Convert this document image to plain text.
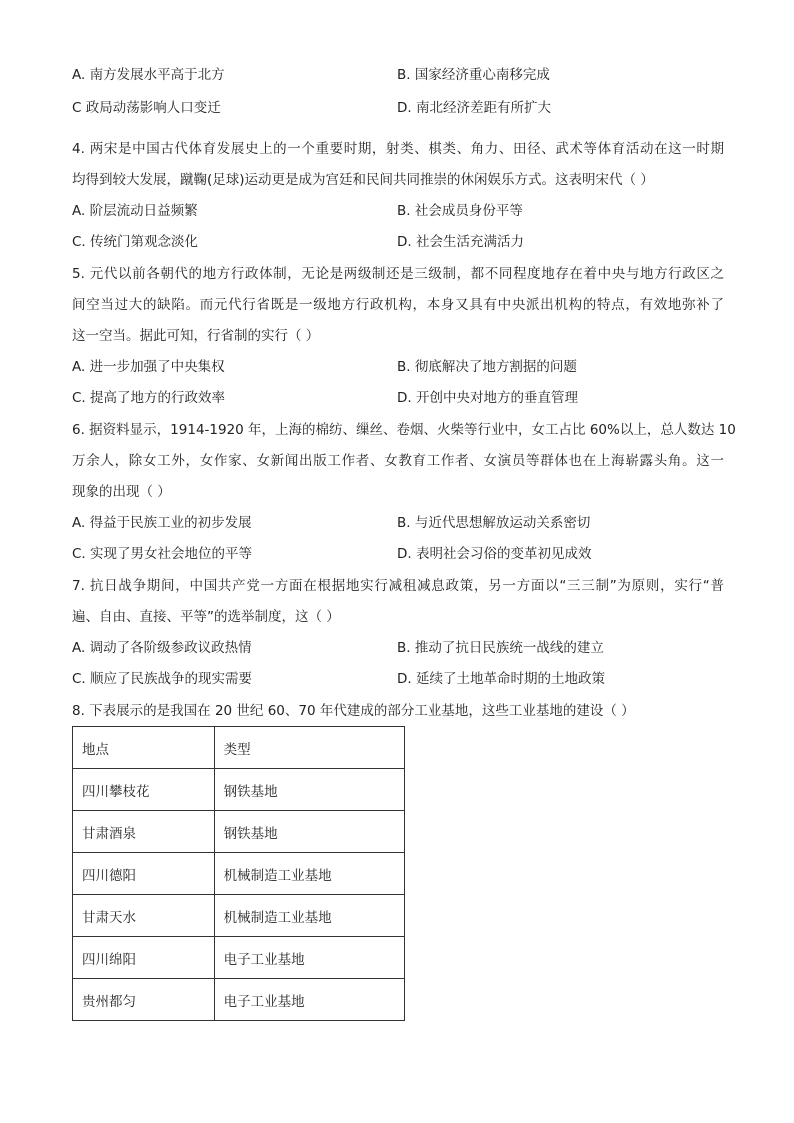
A. 南方发展水平高于北方	B. 国家经济重心南移完成
C 政局动荡影响人口变迁	D. 南北经济差距有所扩大
4. 两宋是中国古代体育发展史上的一个重要时期，射类、棋类、角力、田径、武术等体育活动在这一时期
均得到较大发展，蹴鞠(足球)运动更是成为宫廷和民间共同推崇的休闲娱乐方式。这表明宋代（ ）
A. 阶层流动日益频繁	B. 社会成员身份平等
C. 传统门第观念淡化	D. 社会生活充满活力
5. 元代以前各朝代的地方行政体制，无论是两级制还是三级制，都不同程度地存在着中央与地方行政区之
间空当过大的缺陷。而元代行省既是一级地方行政机构，本身又具有中央派出机构的特点，有效地弥补了
这一空当。据此可知，行省制的实行（ ）
A. 进一步加强了中央集权	B. 彻底解决了地方割据的问题
C. 提高了地方的行政效率	D. 开创中央对地方的垂直管理
6. 据资料显示，1914-1920 年，上海的棉纺、缫丝、卷烟、火柴等行业中，女工占比 60%以上，总人数达 10
万余人，除女工外，女作家、女新闻出版工作者、女教育工作者、女演员等群体也在上海崭露头角。这一
现象的出现（ ）
A. 得益于民族工业的初步发展	B. 与近代思想解放运动关系密切
C. 实现了男女社会地位的平等	D. 表明社会习俗的变革初见成效
7. 抗日战争期间，中国共产党一方面在根据地实行减租减息政策，另一方面以“三三制”为原则，实行“普
遍、自由、直接、平等”的选举制度，这（ ）
A. 调动了各阶级参政议政热情	B. 推动了抗日民族统一战线的建立
C. 顺应了民族战争的现实需要	D. 延续了土地革命时期的土地政策
8. 下表展示的是我国在 20 世纪 60、70 年代建成的部分工业基地，这些工业基地的建设（ ）
地点	类型
四川攀枝花	钢铁基地
甘肃酒泉	钢铁基地
四川德阳	机械制造工业基地
甘肃天水	机械制造工业基地
四川绵阳	电子工业基地
贵州都匀	电子工业基地
